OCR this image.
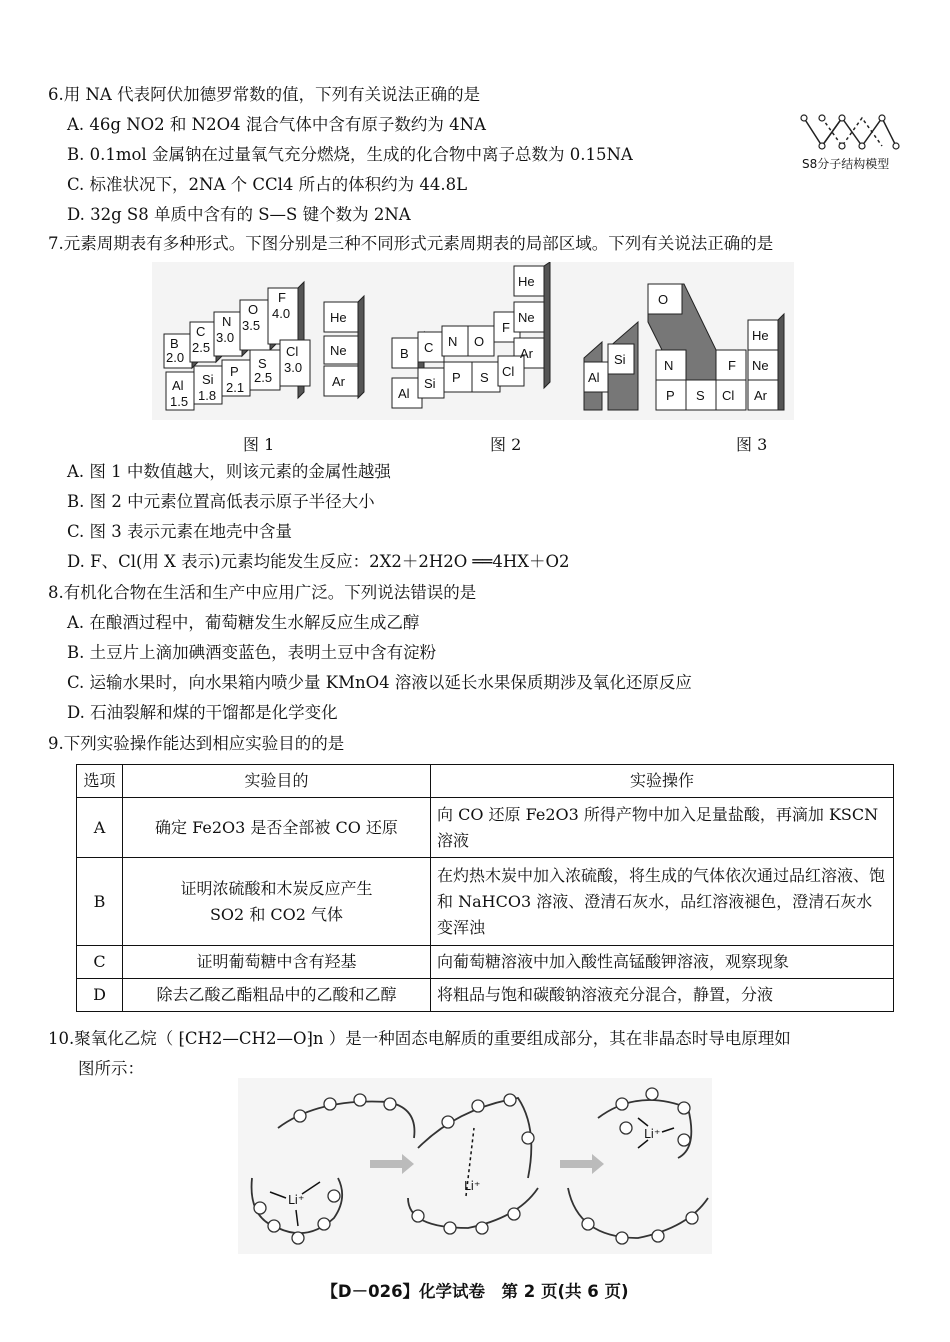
6.用 NA 代表阿伏加德罗常数的值，下列有关说法正确的是
A. 46g NO2 和 N2O4 混合气体中含有原子数约为 4NA
B. 0.1mol 金属钠在过量氧气充分燃烧，生成的化合物中离子总数为 0.15NA
C. 标准状况下，2NA 个 CCl4 所占的体积约为 44.8L
D. 32g S8 单质中含有的 S—S 键个数为 2NA
S8分子结构模型
7.元素周期表有多种形式。下图分别是三种不同形式元素周期表的局部区域。下列有关说法正确的是
B
2.0
C
2.5
N
3.0
O
3.5
F
4.0
Al
1.5
Si
1.8
P
2.1
S
2.5
Cl
3.0
He
Ne
Ar
B C N O
F
He
Ne
Ar
Al
Si P S Cl
O
Al
Si	N	F
He
Ne
Ar
P S Cl
图 1	图 2	图 3
A. 图 1 中数值越大，则该元素的金属性越强
B. 图 2 中元素位置高低表示原子半径大小
C. 图 3 表示元素在地壳中含量
D. F、Cl(用 X 表示)元素均能发生反应：2X2＋2H2O ══4HX＋O2
8.有机化合物在生活和生产中应用广泛。下列说法错误的是
A. 在酿酒过程中，葡萄糖发生水解反应生成乙醇
B. 土豆片上滴加碘酒变蓝色，表明土豆中含有淀粉
C. 运输水果时，向水果箱内喷少量 KMnO4 溶液以延长水果保质期涉及氧化还原反应
D. 石油裂解和煤的干馏都是化学变化
9.下列实验操作能达到相应实验目的的是
选项	实验目的	实验操作
A	确定 Fe2O3 是否全部被 CO 还原	向 CO 还原 Fe2O3 所得产物中加入足量盐酸，再滴加 KSCN 溶液
B	证明浓硫酸和木炭反应产生 SO2 和 CO2 气体	在灼热木炭中加入浓硫酸，将生成的气体依次通过品红溶液、饱和 NaHCO3 溶液、澄清石灰水，品红溶液褪色，澄清石灰水变浑浊
C	证明葡萄糖中含有羟基	向葡萄糖溶液中加入酸性高锰酸钾溶液，观察现象
D	除去乙酸乙酯粗品中的乙酸和乙醇	将粗品与饱和碳酸钠溶液充分混合，静置，分液
10.聚氧化乙烷（ ⁅CH2—CH2—O⁆n ）是一种固态电解质的重要组成部分，其在非晶态时导电原理如
图所示：
Li⁺
Li⁺
Li⁺
【D－026】化学试卷　第 2 页(共 6 页)
